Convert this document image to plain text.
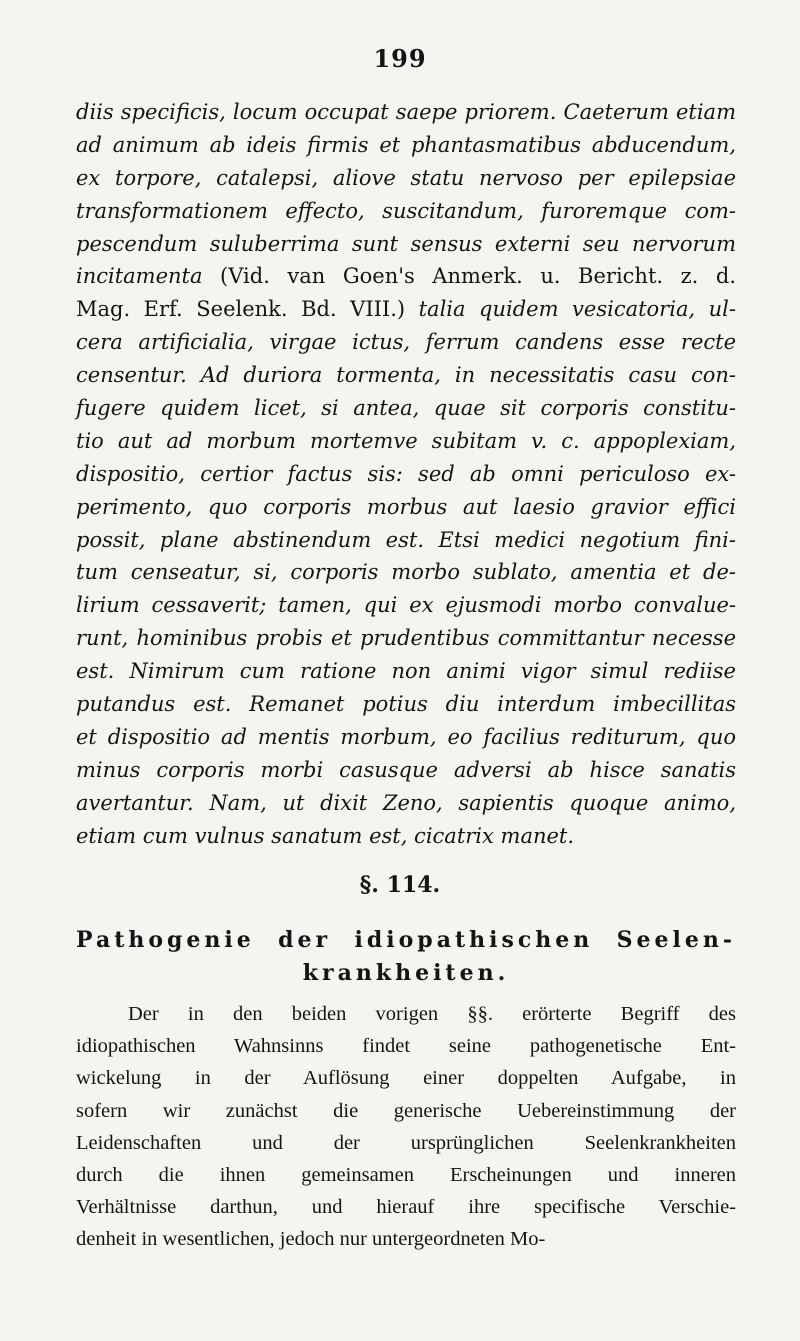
199
diis specificis, locum occupat saepe priorem. Caeterum etiam
ad animum ab ideis firmis et phantasmatibus abducendum,
ex torpore, catalepsi, aliove statu nervoso per epilepsiae
transformationem effecto, suscitandum, furoremque com-
pescendum suluberrima sunt sensus externi seu nervorum
incitamenta (Vid. van Goen's Anmerk. u. Bericht. z. d.
Mag. Erf. Seelenk. Bd. VIII.) talia quidem vesicatoria, ul-
cera artificialia, virgae ictus, ferrum candens esse recte
censentur. Ad duriora tormenta, in necessitatis casu con-
fugere quidem licet, si antea, quae sit corporis constitu-
tio aut ad morbum mortemve subitam v. c. appoplexiam,
dispositio, certior factus sis: sed ab omni periculoso ex-
perimento, quo corporis morbus aut laesio gravior effici
possit, plane abstinendum est. Etsi medici negotium fini-
tum censeatur, si, corporis morbo sublato, amentia et de-
lirium cessaverit; tamen, qui ex ejusmodi morbo convalue-
runt, hominibus probis et prudentibus committantur necesse
est. Nimirum cum ratione non animi vigor simul rediise
putandus est. Remanet potius diu interdum imbecillitas
et dispositio ad mentis morbum, eo facilius rediturum, quo
minus corporis morbi casusque adversi ab hisce sanatis
avertantur. Nam, ut dixit Zeno, sapientis quoque animo,
etiam cum vulnus sanatum est, cicatrix manet.
§. 114.
Pathogenie der idiopathischen Seelen-
krankheiten.
Der in den beiden vorigen §§. erörterte Begriff des
idiopathischen Wahnsinns findet seine pathogenetische Ent-
wickelung in der Auflösung einer doppelten Aufgabe, in
sofern wir zunächst die generische Uebereinstimmung der
Leidenschaften und der ursprünglichen Seelenkrankheiten
durch die ihnen gemeinsamen Erscheinungen und inneren
Verhältnisse darthun, und hierauf ihre specifische Verschie-
denheit in wesentlichen, jedoch nur untergeordneten Mo-
